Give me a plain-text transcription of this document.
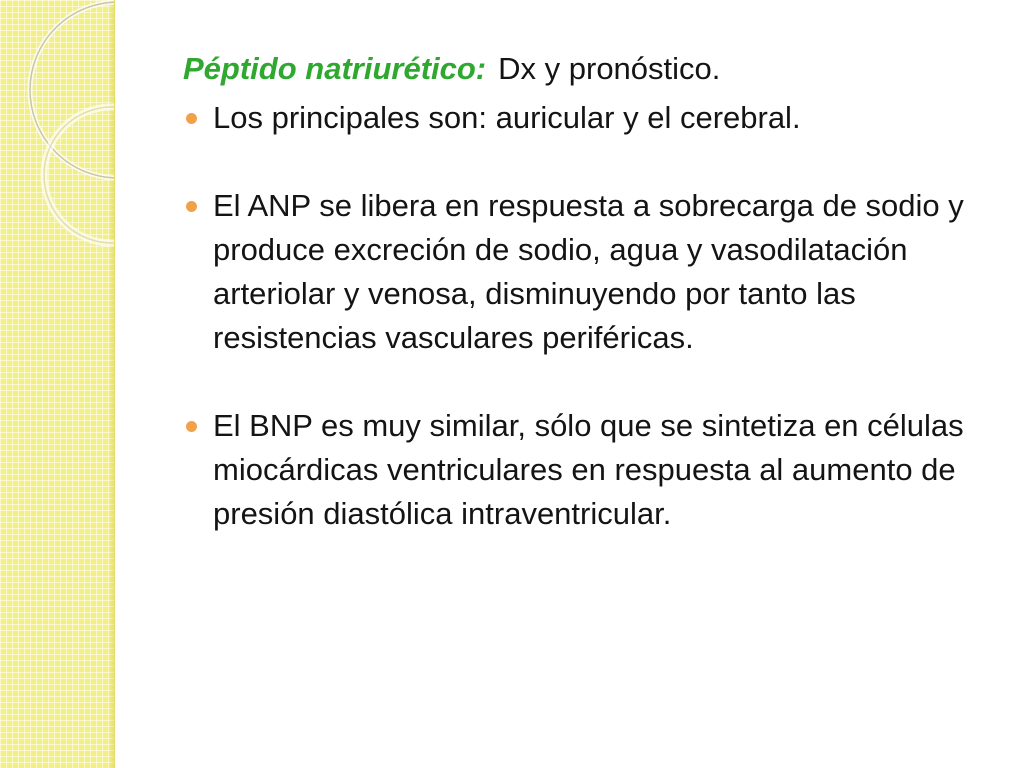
Péptido natriurético: Dx y pronóstico.
Los principales son: auricular y el cerebral.
El ANP se libera en respuesta a sobrecarga de sodio y produce excreción de sodio, agua y vasodilatación arteriolar y venosa, disminuyendo por tanto las resistencias vasculares periféricas.
El BNP es muy similar, sólo que se sintetiza en células miocárdicas ventriculares en respuesta al aumento de presión diastólica intraventricular.
